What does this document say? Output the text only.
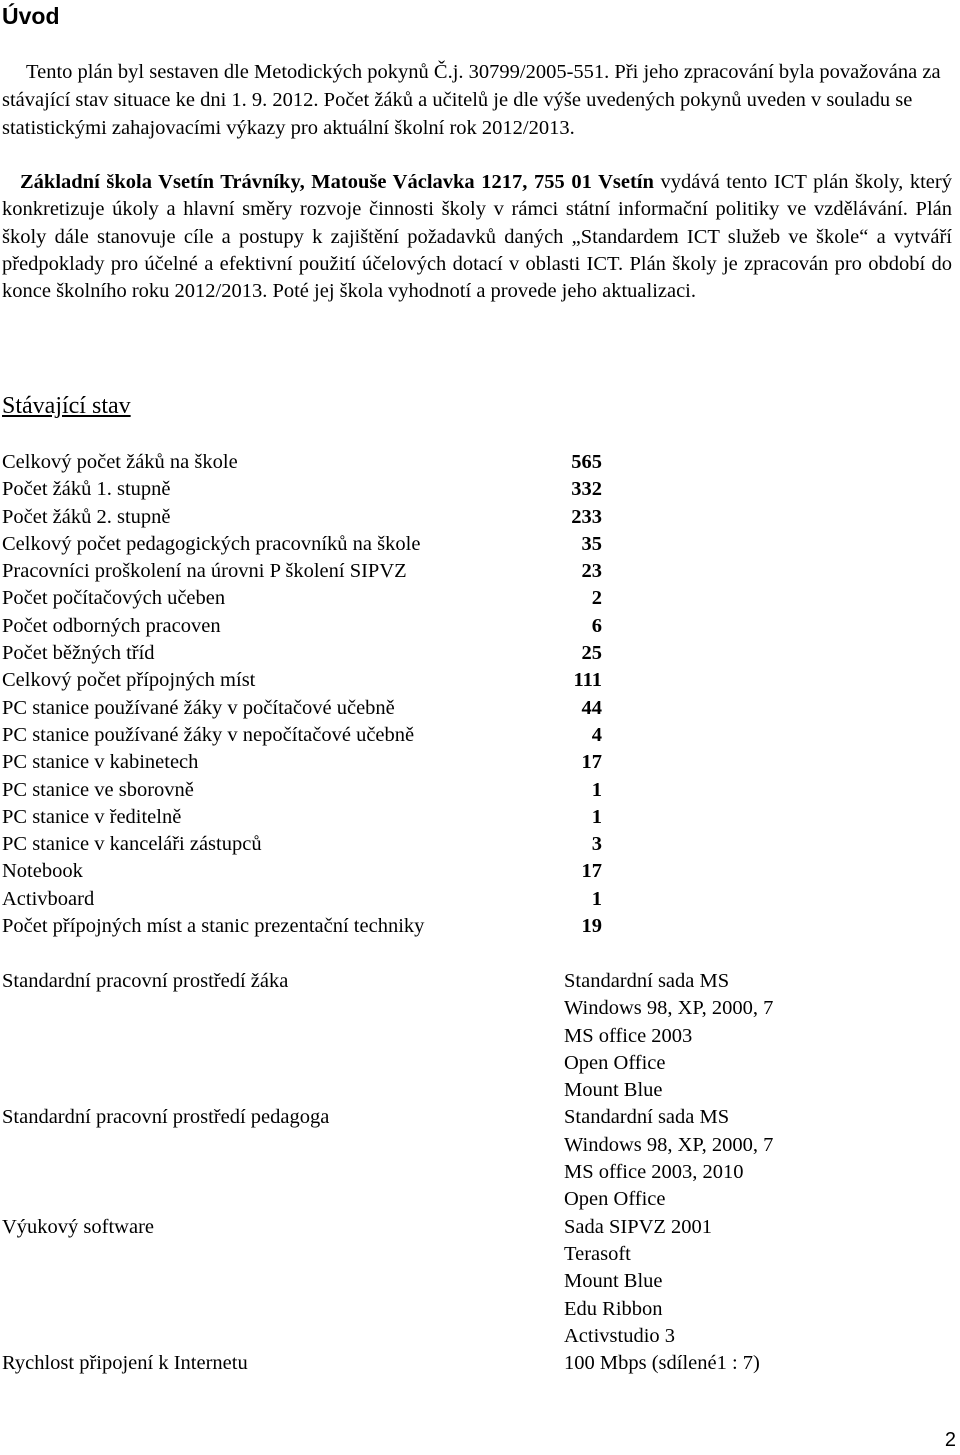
Úvod

Tento plán byl sestaven dle Metodických pokynů Č.j. 30799/2005-551. Při jeho zpracování byla považována za stávající stav situace ke dni 1. 9. 2012. Počet žáků a učitelů je dle výše uvedených pokynů uveden v souladu se statistickými zahajovacími výkazy pro aktuální školní rok 2012/2013.

Základní škola Vsetín Trávníky, Matouše Václavka 1217, 755 01 Vsetín vydává tento ICT plán školy, který konkretizuje úkoly a hlavní směry rozvoje činnosti školy v rámci státní informační politiky ve vzdělávání. Plán školy dále stanovuje cíle a postupy k zajištění požadavků daných „Standardem ICT služeb ve škole“ a vytváří předpoklady pro účelné a efektivní použití účelových dotací v oblasti ICT. Plán školy je zpracován pro období do konce školního roku 2012/2013. Poté jej škola vyhodnotí a provede jeho aktualizaci.

Stávající stav
Celkový počet žáků na škole	565
Počet žáků 1. stupně	332
Počet žáků 2. stupně	233
Celkový počet pedagogických pracovníků na škole	35
Pracovníci proškolení na úrovni P školení SIPVZ	23
Počet počítačových učeben	2
Počet odborných pracoven	6
Počet běžných tříd	25
Celkový počet přípojných míst	111
PC stanice používané žáky v počítačové učebně	44
PC stanice používané žáky v nepočítačové učebně	4
PC stanice v kabinetech	17
PC stanice ve sborovně	1
PC stanice v ředitelně	1
PC stanice v kanceláři zástupců	3
Notebook	17
Activboard	1
Počet přípojných míst a stanic prezentační techniky	19
Standardní pracovní prostředí žáka	Standardní sada MS
Windows 98, XP, 2000, 7
MS office 2003
Open Office
Mount Blue
Standardní pracovní prostředí pedagoga	Standardní sada MS
Windows 98, XP, 2000, 7
MS office 2003, 2010
Open Office
Výukový software	Sada SIPVZ 2001
Terasoft
Mount Blue
Edu Ribbon
Activstudio 3
Rychlost připojení k Internetu	100 Mbps (sdílené1 : 7)
2
